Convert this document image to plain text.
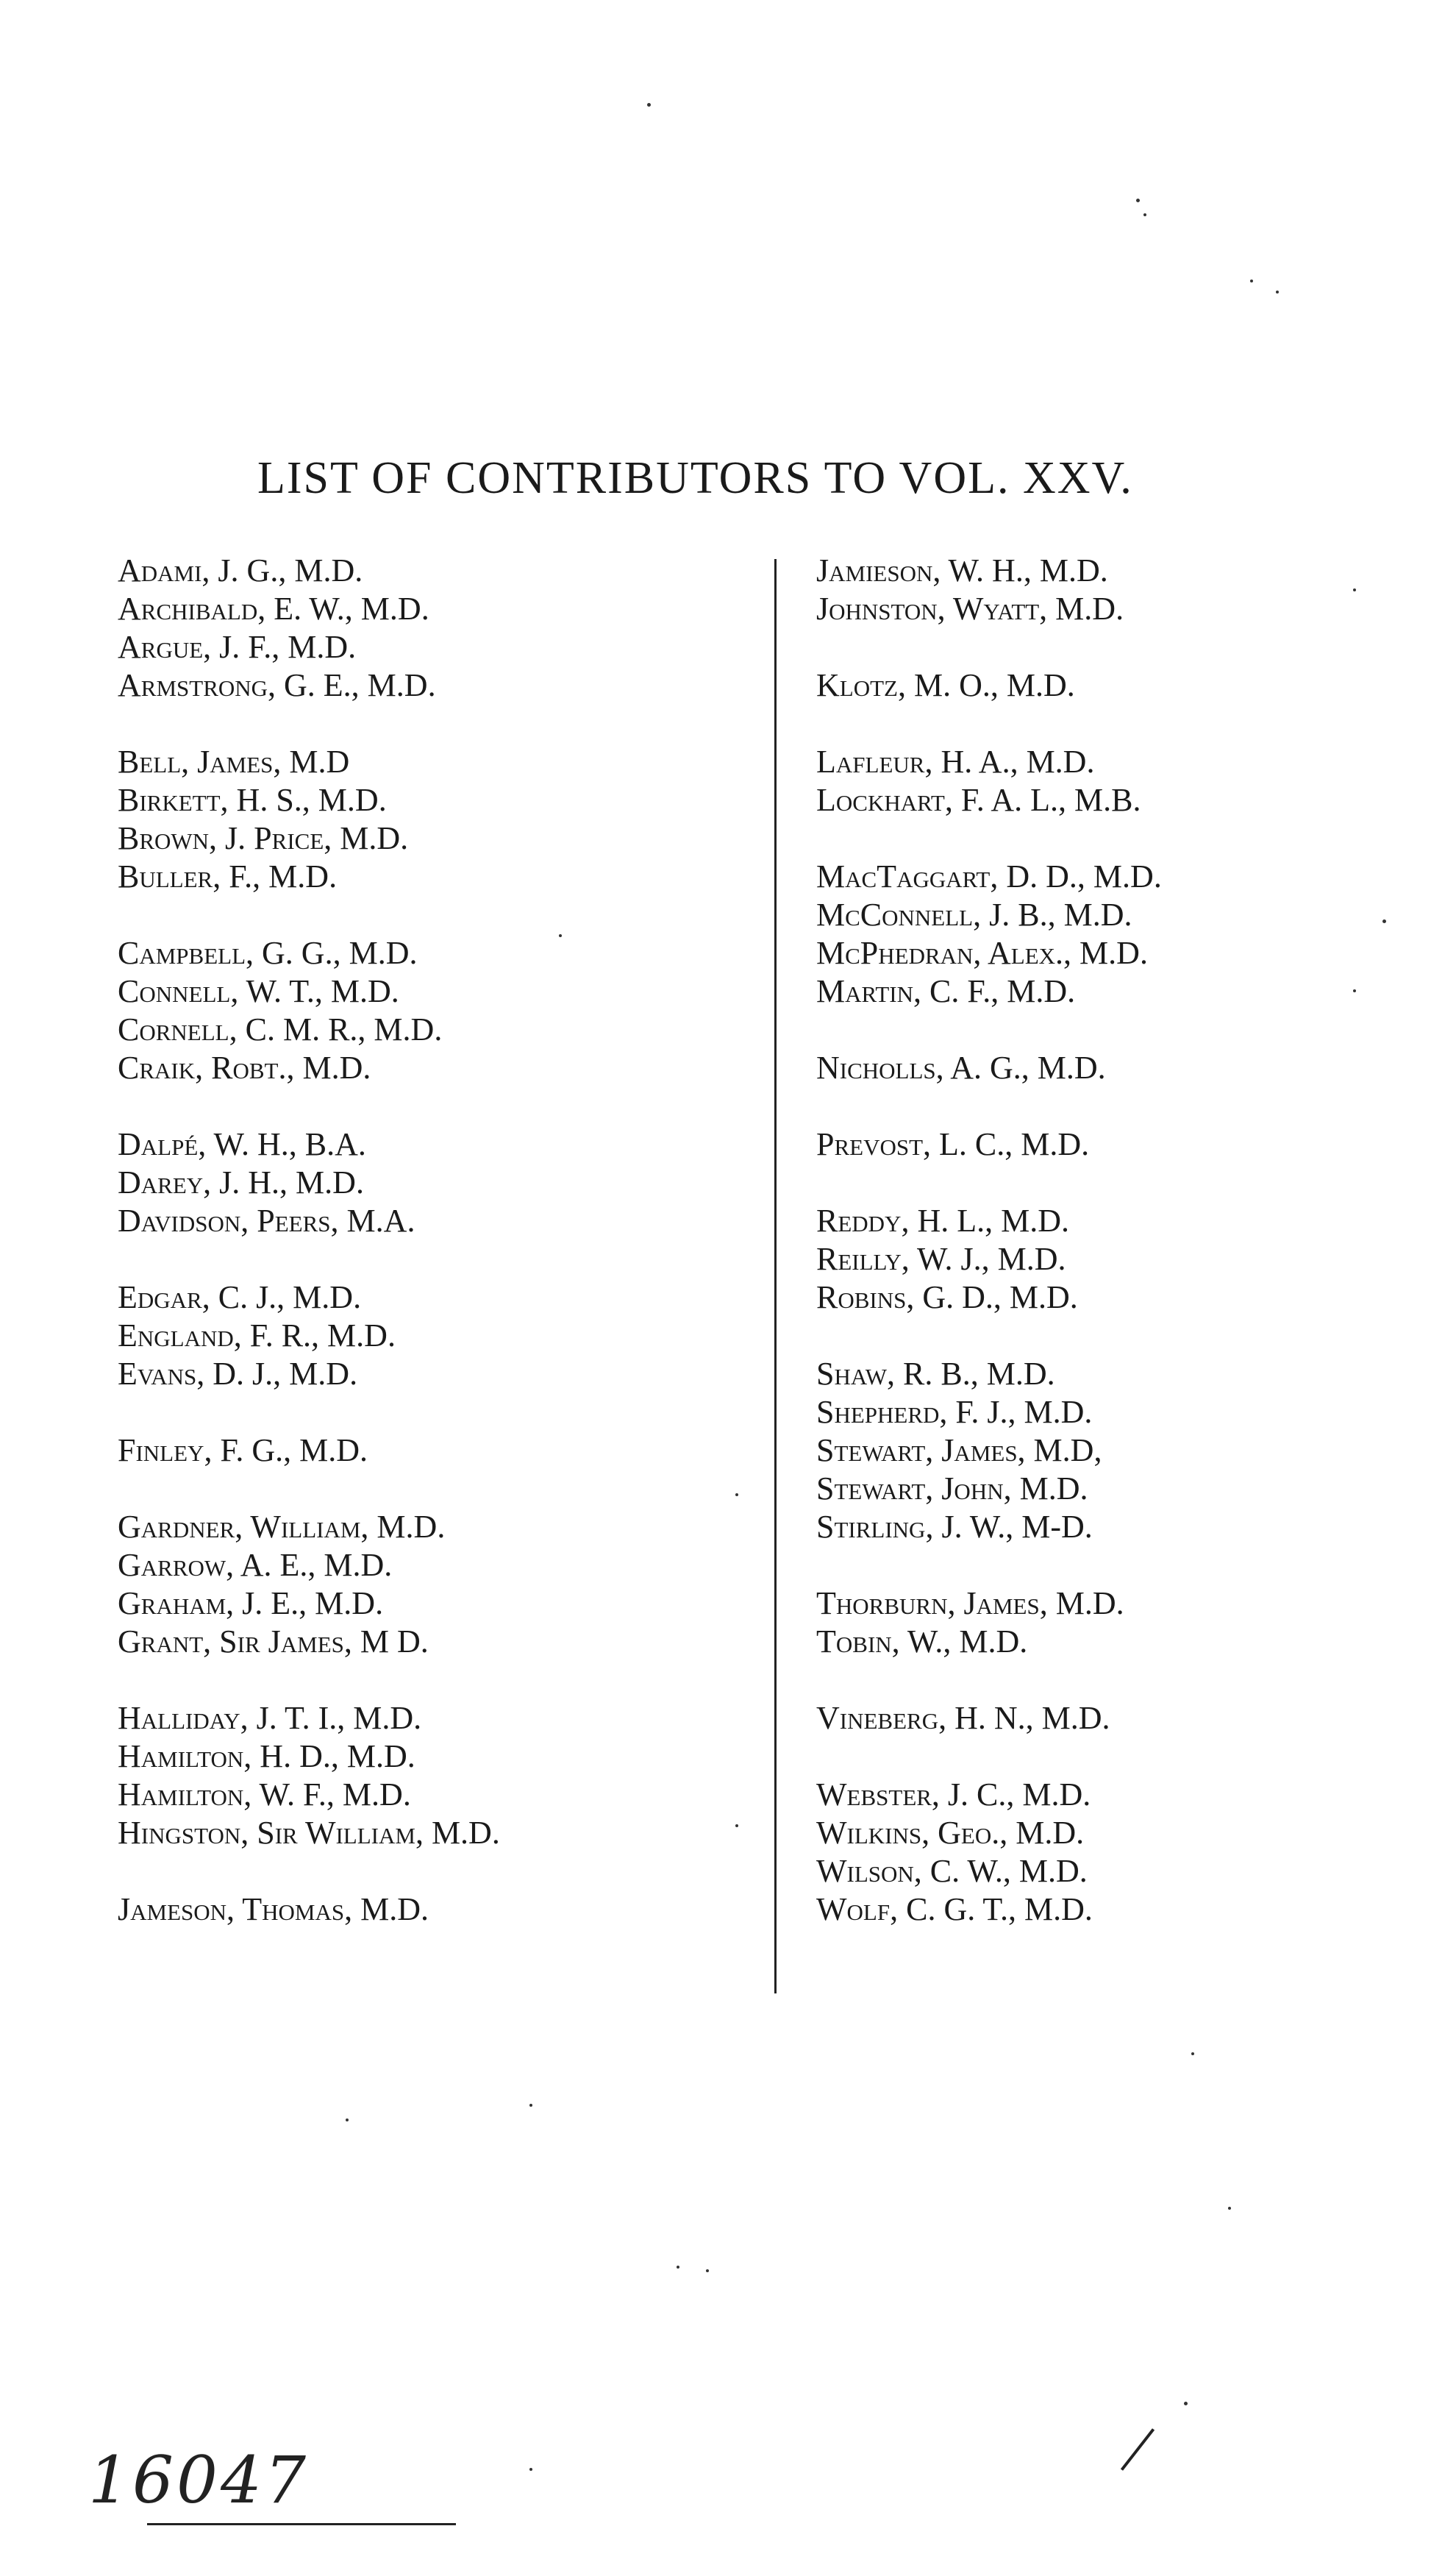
LIST OF CONTRIBUTORS TO VOL. XXV.
Adami, J. G., M.D.
Archibald, E. W., M.D.
Argue, J. F., M.D.
Armstrong, G. E., M.D.
Bell, James, M.D
Birkett, H. S., M.D.
Brown, J. Price, M.D.
Buller, F., M.D.
Campbell, G. G., M.D.
Connell, W. T., M.D.
Cornell, C. M. R., M.D.
Craik, Robt., M.D.
Dalpé, W. H., B.A.
Darey, J. H., M.D.
Davidson, Peers, M.A.
Edgar, C. J., M.D.
England, F. R., M.D.
Evans, D. J., M.D.
Finley, F. G., M.D.
Gardner, William, M.D.
Garrow, A. E., M.D.
Graham, J. E., M.D.
Grant, Sir James, M D.
Halliday, J. T. I., M.D.
Hamilton, H. D., M.D.
Hamilton, W. F., M.D.
Hingston, Sir William, M.D.
Jameson, Thomas, M.D.
Jamieson, W. H., M.D.
Johnston, Wyatt, M.D.
Klotz, M. O., M.D.
Lafleur, H. A., M.D.
Lockhart, F. A. L., M.B.
MacTaggart, D. D., M.D.
McConnell, J. B., M.D.
McPhedran, Alex., M.D.
Martin, C. F., M.D.
Nicholls, A. G., M.D.
Prevost, L. C., M.D.
Reddy, H. L., M.D.
Reilly, W. J., M.D.
Robins, G. D., M.D.
Shaw, R. B., M.D.
Shepherd, F. J., M.D.
Stewart, James, M.D,
Stewart, John, M.D.
Stirling, J. W., M-D.
Thorburn, James, M.D.
Tobin, W., M.D.
Vineberg, H. N., M.D.
Webster, J. C., M.D.
Wilkins, Geo., M.D.
Wilson, C. W., M.D.
Wolf, C. G. T., M.D.
16047
